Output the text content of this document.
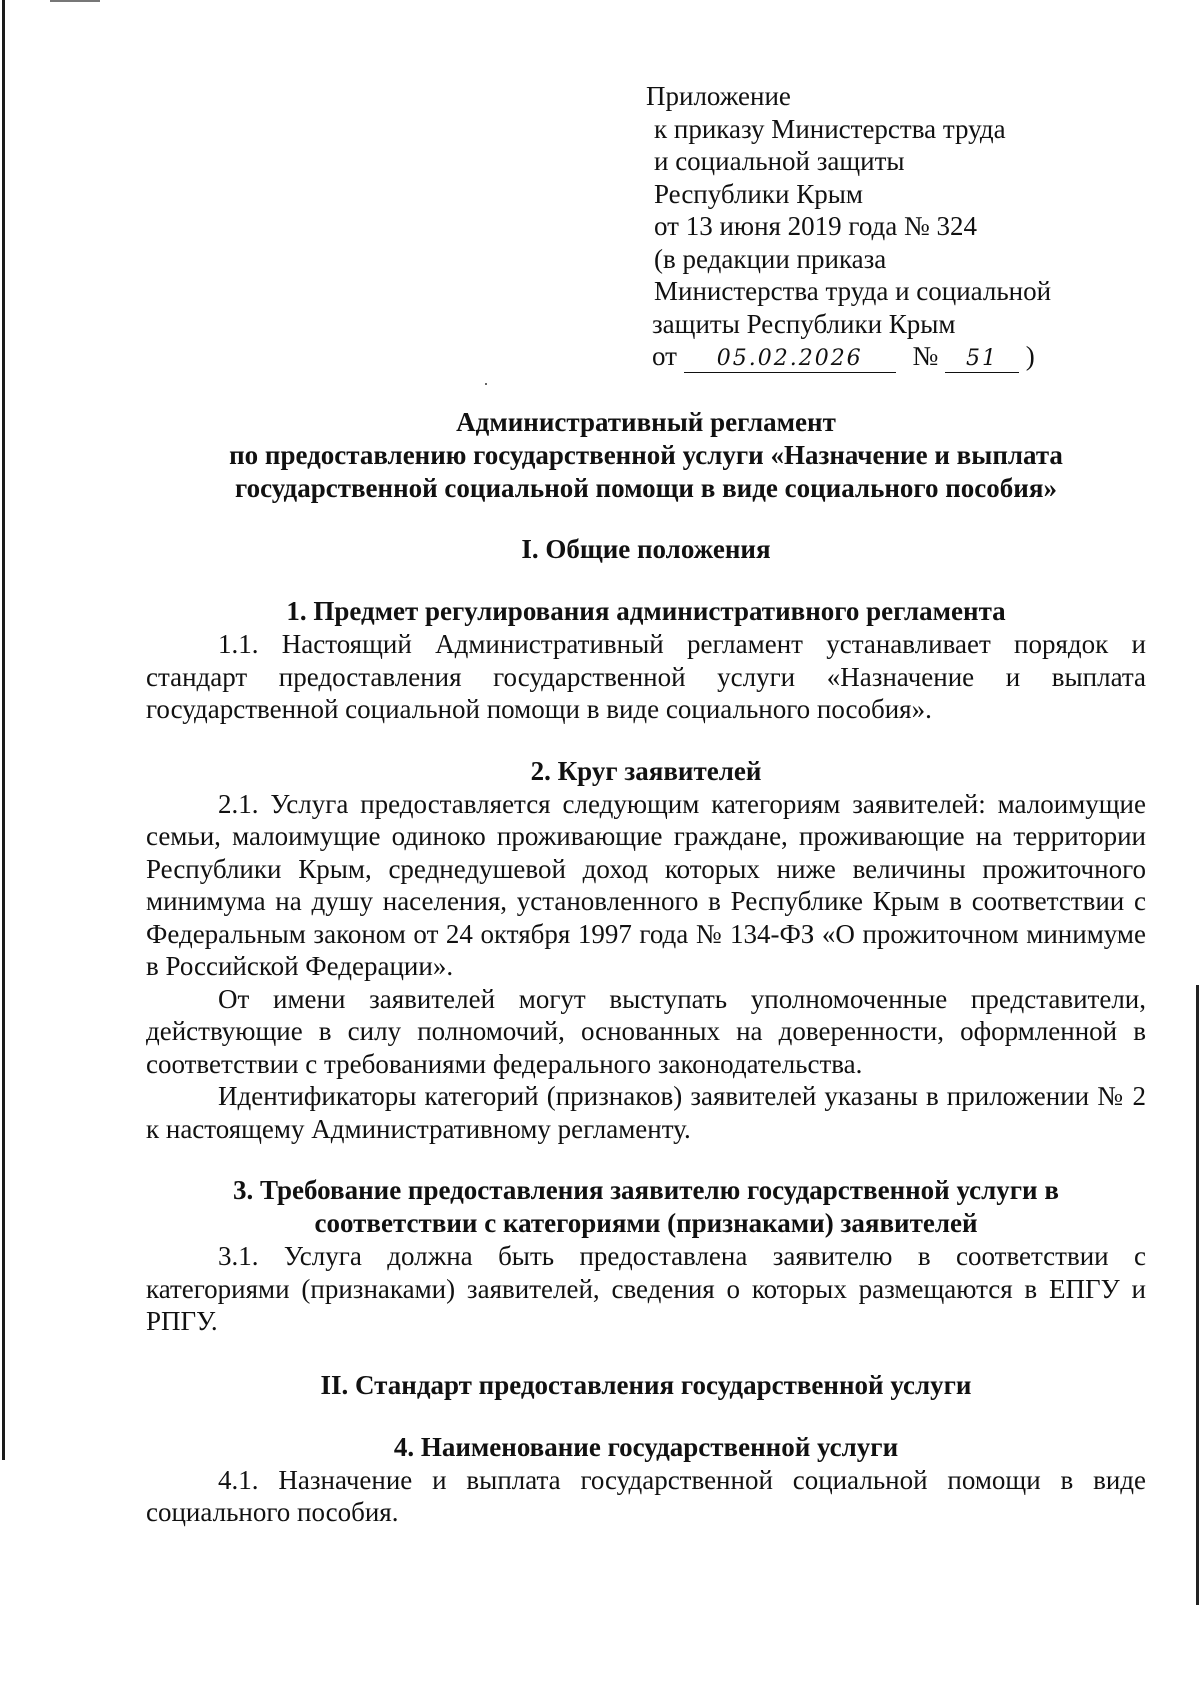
Приложение
к приказу Министерства труда
и социальной защиты
Республики Крым
от 13 июня 2019 года № 324
(в редакции приказа
Министерства труда и социальной
защиты Республики Крым
от 05.02.2026 № 51 )
Административный регламент
по предоставлению государственной услуги «Назначение и выплата
государственной социальной помощи в виде социального пособия»
I. Общие положения
1. Предмет регулирования административного регламента

1.1. Настоящий Административный регламент устанавливает порядок и стандарт предоставления государственной услуги «Назначение и выплата государственной социальной помощи в виде социального пособия».

2. Круг заявителей

2.1. Услуга предоставляется следующим категориям заявителей: малоимущие семьи, малоимущие одиноко проживающие граждане, проживающие на территории Республики Крым, среднедушевой доход которых ниже величины прожиточного минимума на душу населения, установленного в Республике Крым в соответствии с Федеральным законом от 24 октября 1997 года № 134-ФЗ «О прожиточном минимуме в Российской Федерации».

От имени заявителей могут выступать уполномоченные представители, действующие в силу полномочий, основанных на доверенности, оформленной в соответствии с требованиями федерального законодательства.

Идентификаторы категорий (признаков) заявителей указаны в приложении № 2 к настоящему Административному регламенту.

3. Требование предоставления заявителю государственной услуги в
соответствии с категориями (признаками) заявителей

3.1. Услуга должна быть предоставлена заявителю в соответствии с категориями (признаками) заявителей, сведения о которых размещаются в ЕПГУ и РПГУ.

II. Стандарт предоставления государственной услуги
4. Наименование государственной услуги

4.1. Назначение и выплата государственной социальной помощи в виде социального пособия.
